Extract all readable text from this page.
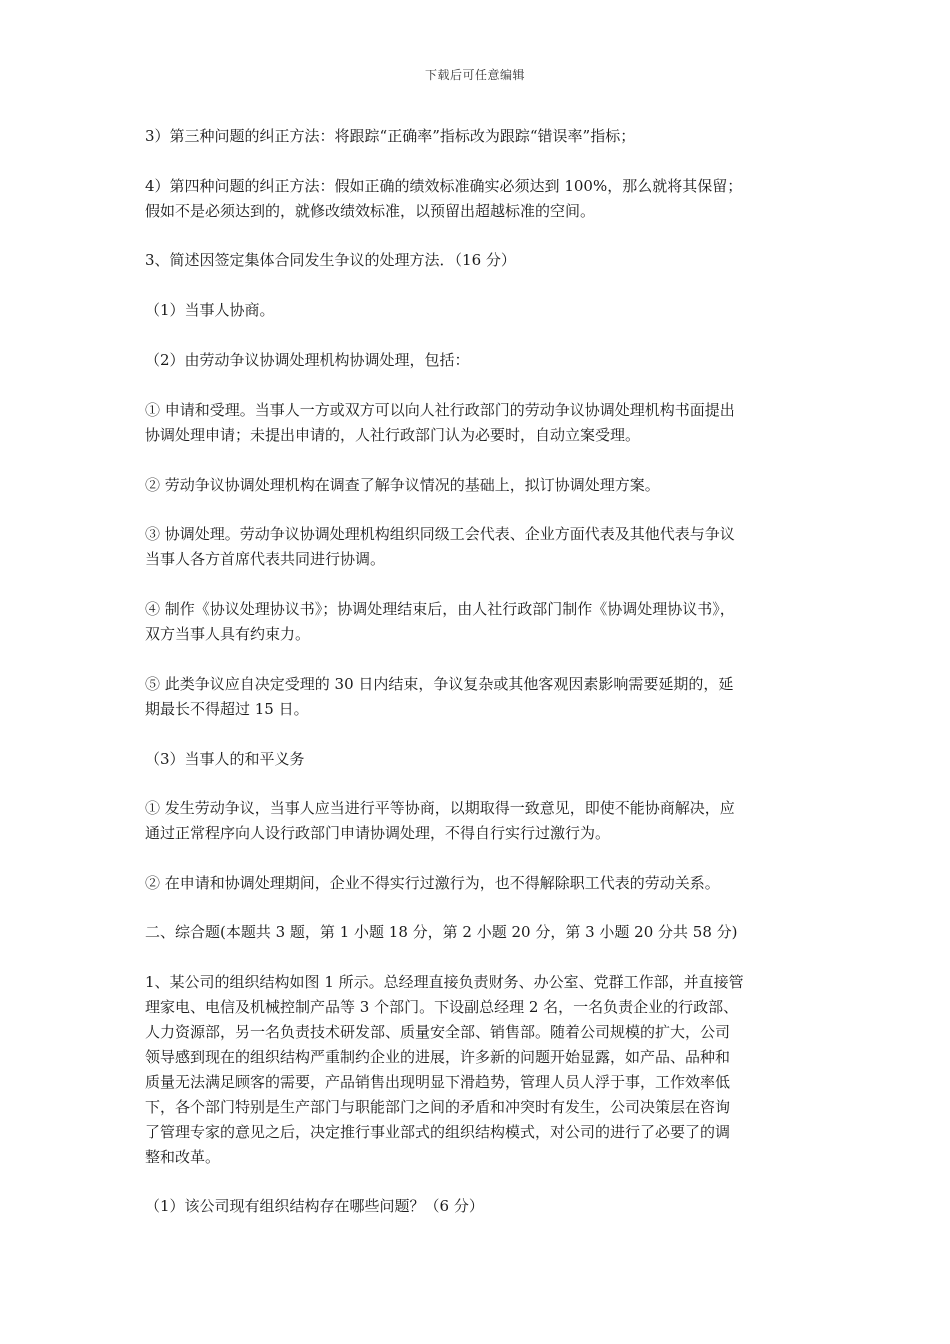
下载后可任意编辑
3）第三种问题的纠正方法：将跟踪“正确率”指标改为跟踪“错误率”指标；
4）第四种问题的纠正方法：假如正确的绩效标准确实必须达到 100%，那么就将其保留；
假如不是必须达到的，就修改绩效标准，以预留出超越标准的空间。
3、简述因签定集体合同发生争议的处理方法．（16 分）
（1）当事人协商。
（2）由劳动争议协调处理机构协调处理，包括：
① 申请和受理。当事人一方或双方可以向人社行政部门的劳动争议协调处理机构书面提出
协调处理申请；未提出申请的，人社行政部门认为必要时，自动立案受理。
② 劳动争议协调处理机构在调查了解争议情况的基础上，拟订协调处理方案。
③ 协调处理。劳动争议协调处理机构组织同级工会代表、企业方面代表及其他代表与争议
当事人各方首席代表共同进行协调。
④ 制作《协议处理协议书》；协调处理结束后，由人社行政部门制作《协调处理协议书》，
双方当事人具有约束力。
⑤ 此类争议应自决定受理的 30 日内结束，争议复杂或其他客观因素影响需要延期的，延
期最长不得超过 15 日。
（3）当事人的和平义务
① 发生劳动争议，当事人应当进行平等协商，以期取得一致意见，即使不能协商解决，应
通过正常程序向人设行政部门申请协调处理，不得自行实行过激行为。
② 在申请和协调处理期间，企业不得实行过激行为，也不得解除职工代表的劳动关系。
二、综合题(本题共 3 题，第 1 小题 18 分，第 2 小题 20 分，第 3 小题 20 分共 58 分)
1、某公司的组织结构如图 1 所示。总经理直接负责财务、办公室、党群工作部，并直接管
理家电、电信及机械控制产品等 3 个部门。下设副总经理 2 名，一名负责企业的行政部、
人力资源部，另一名负责技术研发部、质量安全部、销售部。随着公司规模的扩大，公司
领导感到现在的组织结构严重制约企业的进展，许多新的问题开始显露，如产品、品种和
质量无法满足顾客的需要，产品销售出现明显下滑趋势，管理人员人浮于事，工作效率低
下，各个部门特别是生产部门与职能部门之间的矛盾和冲突时有发生，公司决策层在咨询
了管理专家的意见之后，决定推行事业部式的组织结构模式，对公司的进行了必要了的调
整和改革。
（1）该公司现有组织结构存在哪些问题？（6 分）
